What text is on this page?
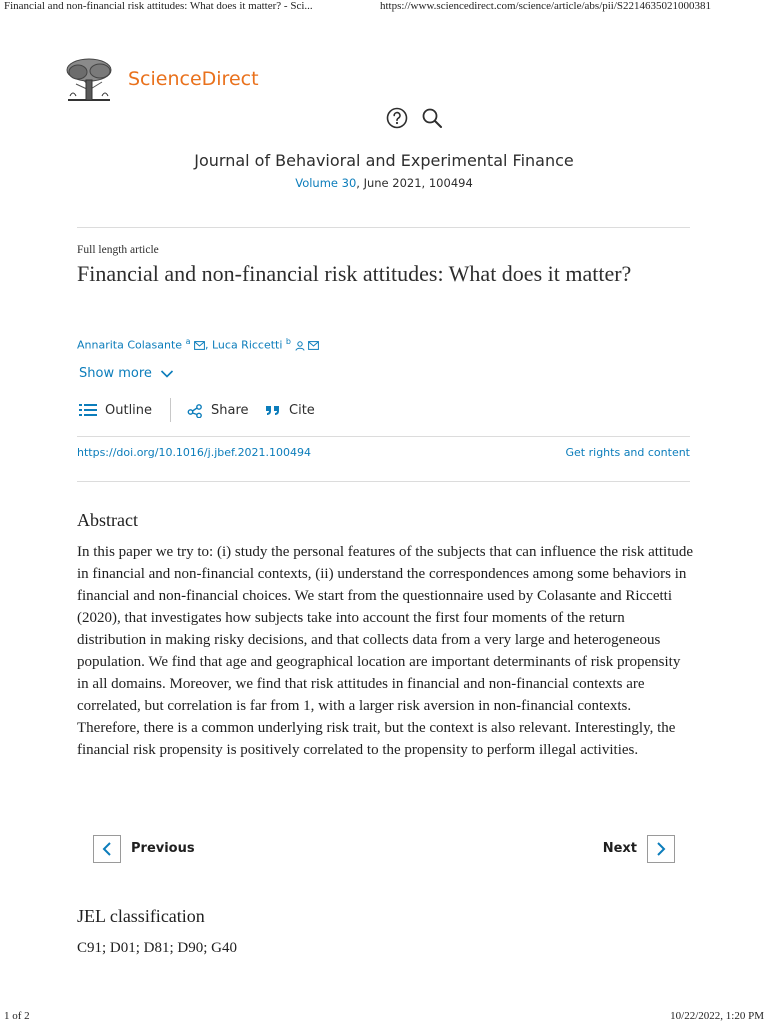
Financial and non-financial risk attitudes: What does it matter? - Sci...	https://www.sciencedirect.com/science/article/abs/pii/S2214635021000381
ScienceDirect
Journal of Behavioral and Experimental Finance
Volume 30, June 2021, 100494
Full length article
Financial and non-financial risk attitudes: What does it matter?
Annarita Colasante $^a$ , Luca Riccetti $^b$
Show more
Outline	Share	Cite
https://doi.org/10.1016/j.jbef.2021.100494	Get rights and content
Abstract

In this paper we try to: (i) study the personal features of the subjects that can influence the risk attitude in financial and non-financial contexts, (ii) understand the correspondences among some behaviors in financial and non-financial choices. We start from the questionnaire used by Colasante and Riccetti (2020), that investigates how subjects take into account the first four moments of the return distribution in making risky decisions, and that collects data from a very large and heterogeneous population. We find that age and geographical location are important determinants of risk propensity in all domains. Moreover, we find that risk attitudes in financial and non-financial contexts are correlated, but correlation is far from 1, with a larger risk aversion in non-financial contexts. Therefore, there is a common underlying risk trait, but the context is also relevant. Interestingly, the financial risk propensity is positively correlated to the propensity to perform illegal activities.

Previous	Next
JEL classification
C91; D01; D81; D90; G40
1 of 2	10/22/2022, 1:20 PM
